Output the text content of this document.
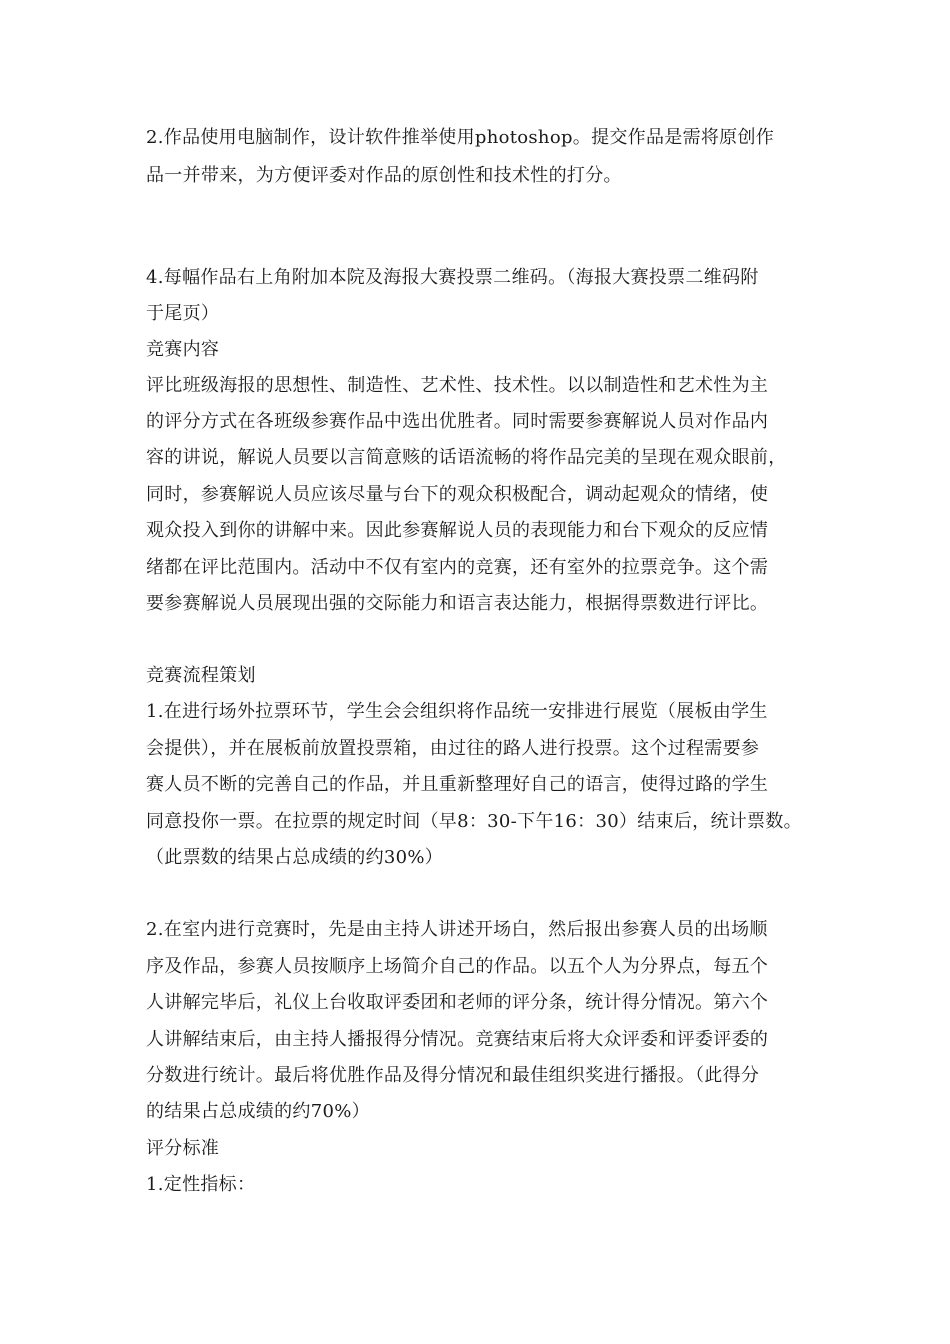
2.作品使用电脑制作，设计软件推举使用photoshop。提交作品是需将原创作
品一并带来，为方便评委对作品的原创性和技术性的打分。
4.每幅作品右上角附加本院及海报大赛投票二维码。（海报大赛投票二维码附
于尾页）
竞赛内容
评比班级海报的思想性、制造性、艺术性、技术性。以以制造性和艺术性为主
的评分方式在各班级参赛作品中选出优胜者。同时需要参赛解说人员对作品内
容的讲说，解说人员要以言简意赅的话语流畅的将作品完美的呈现在观众眼前，
同时，参赛解说人员应该尽量与台下的观众积极配合，调动起观众的情绪，使
观众投入到你的讲解中来。因此参赛解说人员的表现能力和台下观众的反应情
绪都在评比范围内。活动中不仅有室内的竞赛，还有室外的拉票竞争。这个需
要参赛解说人员展现出强的交际能力和语言表达能力，根据得票数进行评比。
竞赛流程策划
1.在进行场外拉票环节，学生会会组织将作品统一安排进行展览（展板由学生
会提供），并在展板前放置投票箱，由过往的路人进行投票。这个过程需要参
赛人员不断的完善自己的作品，并且重新整理好自己的语言，使得过路的学生
同意投你一票。在拉票的规定时间（早8：30-下午16：30）结束后，统计票数。
（此票数的结果占总成绩的约30%）
2.在室内进行竞赛时，先是由主持人讲述开场白，然后报出参赛人员的出场顺
序及作品，参赛人员按顺序上场简介自己的作品。以五个人为分界点，每五个
人讲解完毕后，礼仪上台收取评委团和老师的评分条，统计得分情况。第六个
人讲解结束后，由主持人播报得分情况。竞赛结束后将大众评委和评委评委的
分数进行统计。最后将优胜作品及得分情况和最佳组织奖进行播报。（此得分
的结果占总成绩的约70%）
评分标准
1.定性指标：
